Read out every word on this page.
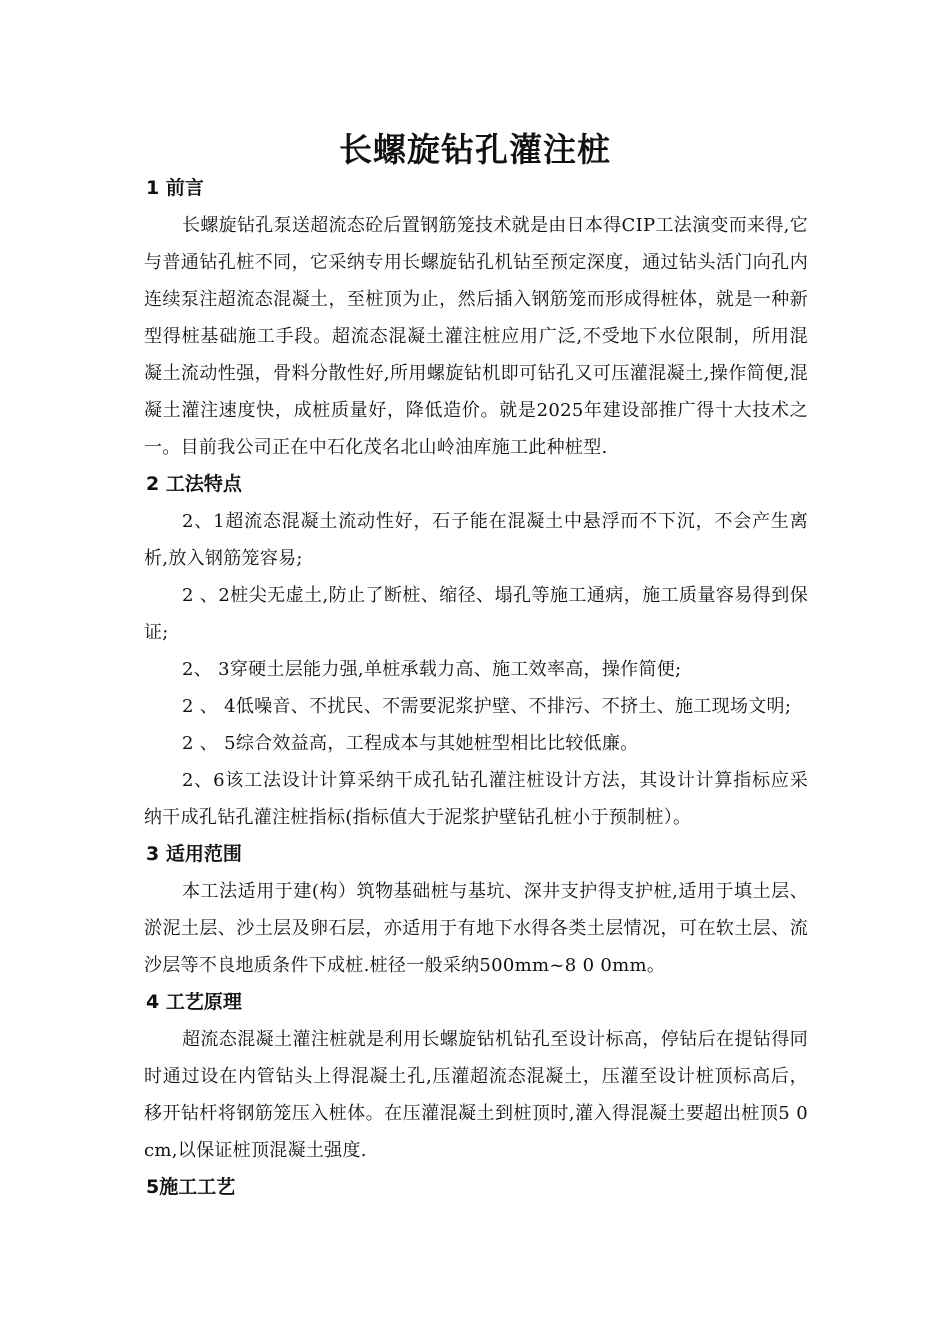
长螺旋钻孔灌注桩
1 前言

长螺旋钻孔泵送超流态砼后置钢筋笼技术就是由日本得CIP工法演变而来得,它与普通钻孔桩不同，它采纳专用长螺旋钻孔机钻至预定深度，通过钻头活门向孔内连续泵注超流态混凝土，至桩顶为止，然后插入钢筋笼而形成得桩体，就是一种新型得桩基础施工手段。超流态混凝土灌注桩应用广泛,不受地下水位限制，所用混凝土流动性强，骨料分散性好,所用螺旋钻机即可钻孔又可压灌混凝土,操作简便,混凝土灌注速度快，成桩质量好，降低造价。就是2025年建设部推广得十大技术之一。目前我公司正在中石化茂名北山岭油库施工此种桩型.

2 工法特点

2、1超流态混凝土流动性好，石子能在混凝土中悬浮而不下沉，不会产生离析,放入钢筋笼容易;

2 、2桩尖无虚土,防止了断桩、缩径、塌孔等施工通病，施工质量容易得到保证;

2、 3穿硬土层能力强,单桩承载力高、施工效率高，操作简便;

2 、 4低噪音、不扰民、不需要泥浆护壁、不排污、不挤土、施工现场文明;

2 、 5综合效益高，工程成本与其她桩型相比比较低廉。

2、6该工法设计计算采纳干成孔钻孔灌注桩设计方法，其设计计算指标应采纳干成孔钻孔灌注桩指标(指标值大于泥浆护壁钻孔桩小于预制桩）。

3 适用范围

本工法适用于建(构）筑物基础桩与基坑、深井支护得支护桩,适用于填土层、淤泥土层、沙土层及卵石层，亦适用于有地下水得各类土层情况，可在软土层、流沙层等不良地质条件下成桩.桩径一般采纳500mm~8 0 0mm。

4 工艺原理

超流态混凝土灌注桩就是利用长螺旋钻机钻孔至设计标高，停钻后在提钻得同时通过设在内管钻头上得混凝土孔,压灌超流态混凝土，压灌至设计桩顶标高后，移开钻杆将钢筋笼压入桩体。在压灌混凝土到桩顶时,灌入得混凝土要超出桩顶5 0 cm,以保证桩顶混凝土强度.

5施工工艺
